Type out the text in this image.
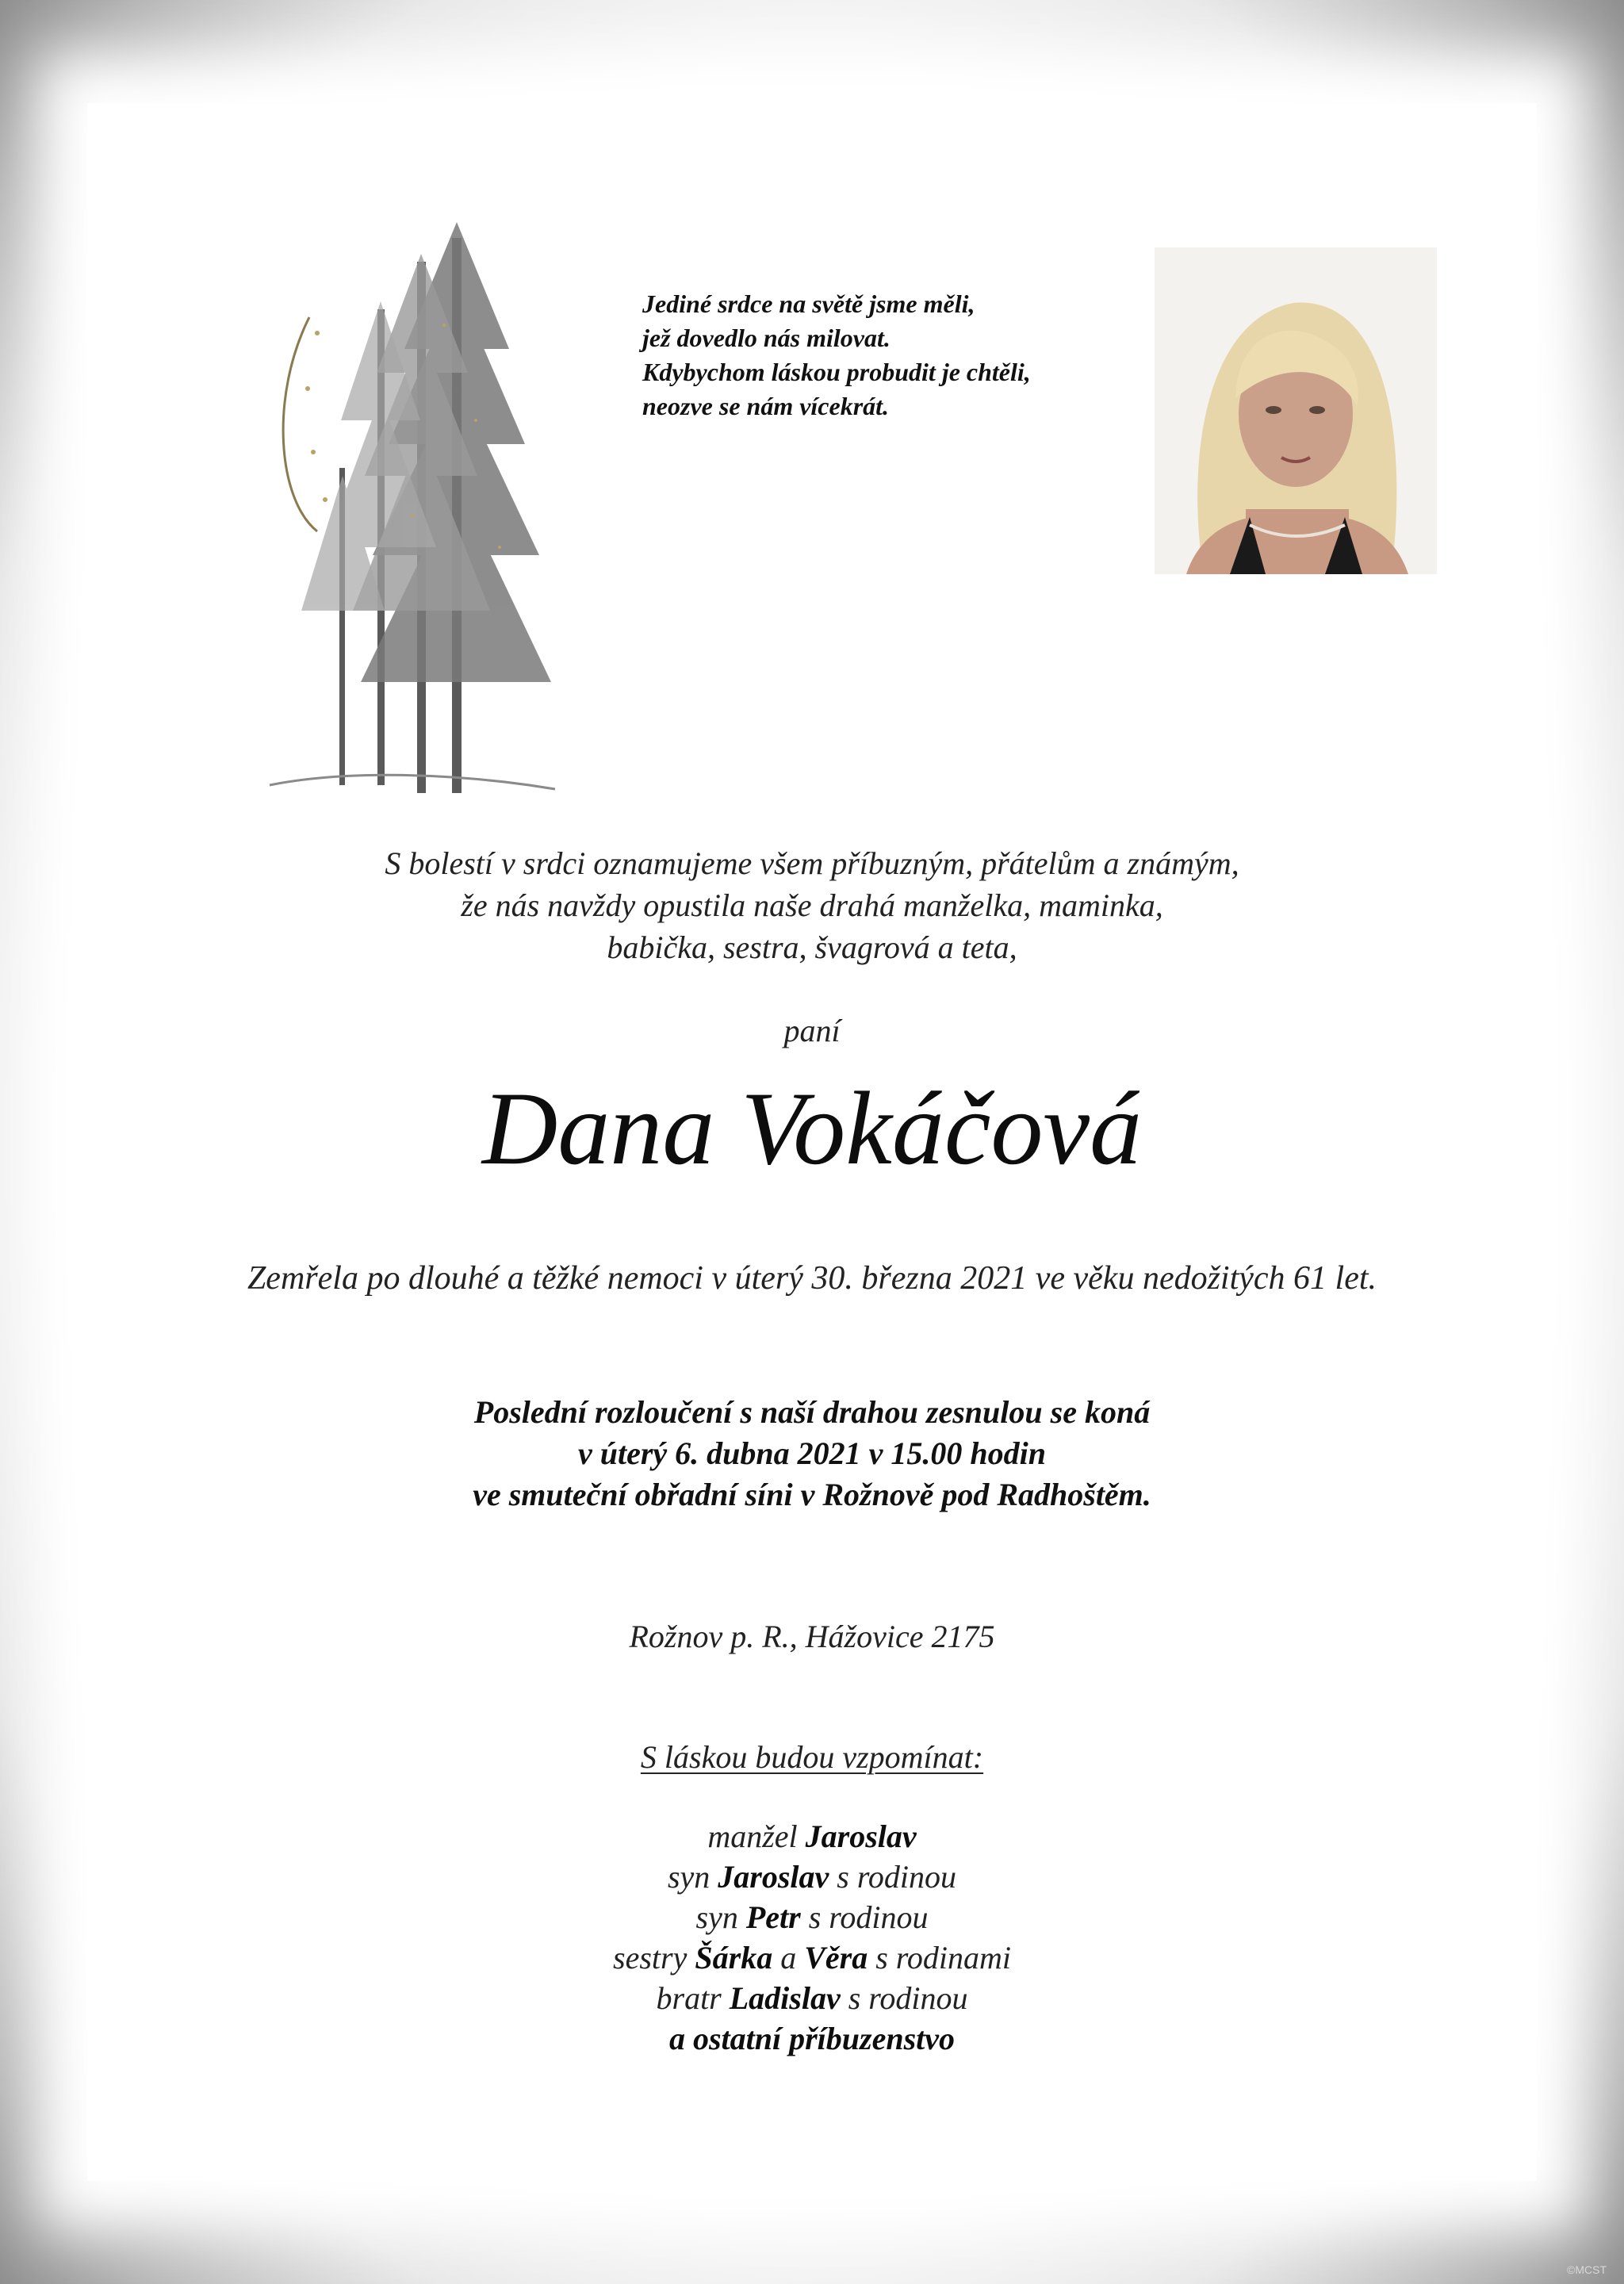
Jediné srdce na světě jsme měli,
jež dovedlo nás milovat.
Kdybychom láskou probudit je chtěli,
neozve se nám vícekrát.
S bolestí v srdci oznamujeme všem příbuzným, přátelům a známým,
že nás navždy opustila naše drahá manželka, maminka,
babička, sestra, švagrová a teta,
paní
Dana Vokáčová
Zemřela po dlouhé a těžké nemoci v úterý 30. března 2021 ve věku nedožitých 61 let.
Poslední rozloučení s naší drahou zesnulou se koná
v úterý 6. dubna 2021 v 15.00 hodin
ve smuteční obřadní síni v Rožnově pod Radhoštěm.
Rožnov p. R., Hážovice 2175
S láskou budou vzpomínat:
manžel Jaroslav
syn Jaroslav s rodinou
syn Petr s rodinou
sestry Šárka a Věra s rodinami
bratr Ladislav s rodinou
a ostatní příbuzenstvo
©MCST
